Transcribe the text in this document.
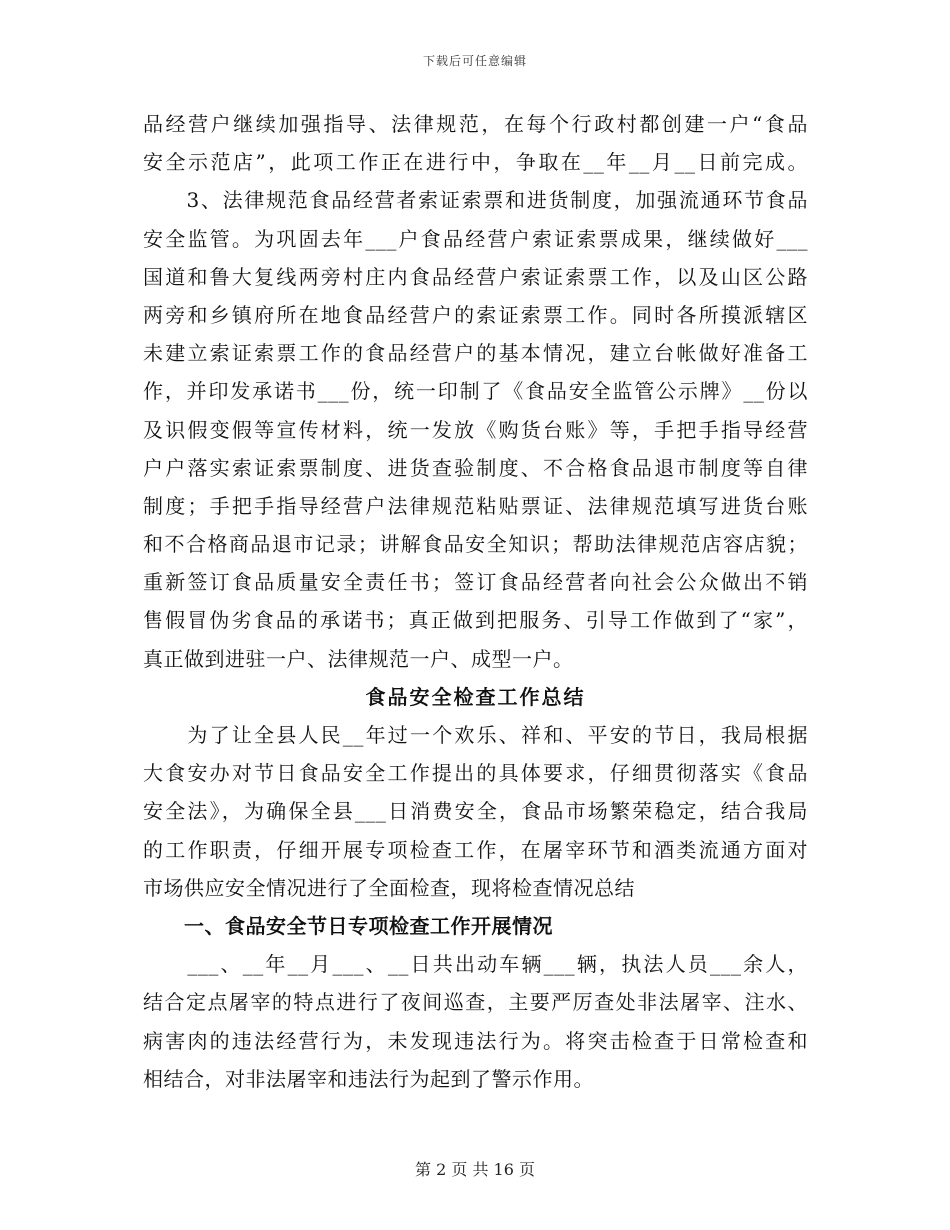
下载后可任意编辑
品经营户继续加强指导、法律规范，在每个行政村都创建一户“食品
安全示范店”，此项工作正在进行中，争取在__年__月__日前完成。
　　3、法律规范食品经营者索证索票和进货制度，加强流通环节食品
安全监管。为巩固去年___户食品经营户索证索票成果，继续做好___
国道和鲁大复线两旁村庄内食品经营户索证索票工作，以及山区公路
两旁和乡镇府所在地食品经营户的索证索票工作。同时各所摸派辖区
未建立索证索票工作的食品经营户的基本情况，建立台帐做好准备工
作，并印发承诺书___份，统一印制了《食品安全监管公示牌》__份以
及识假变假等宣传材料，统一发放《购货台账》等，手把手指导经营
户户落实索证索票制度、进货查验制度、不合格食品退市制度等自律
制度；手把手指导经营户法律规范粘贴票证、法律规范填写进货台账
和不合格商品退市记录；讲解食品安全知识；帮助法律规范店容店貌；
重新签订食品质量安全责任书；签订食品经营者向社会公众做出不销
售假冒伪劣食品的承诺书；真正做到把服务、引导工作做到了“家”，
真正做到进驻一户、法律规范一户、成型一户。
食品安全检查工作总结
　　为了让全县人民__年过一个欢乐、祥和、平安的节日，我局根据
大食安办对节日食品安全工作提出的具体要求，仔细贯彻落实《食品
安全法》，为确保全县___日消费安全，食品市场繁荣稳定，结合我局
的工作职责，仔细开展专项检查工作，在屠宰环节和酒类流通方面对
市场供应安全情况进行了全面检查，现将检查情况总结
　　一、食品安全节日专项检查工作开展情况
　　___、__年__月___、__日共出动车辆___辆，执法人员___余人，
结合定点屠宰的特点进行了夜间巡查，主要严厉查处非法屠宰、注水、
病害肉的违法经营行为，未发现违法行为。将突击检查于日常检查和
相结合，对非法屠宰和违法行为起到了警示作用。
第 2 页 共 16 页
